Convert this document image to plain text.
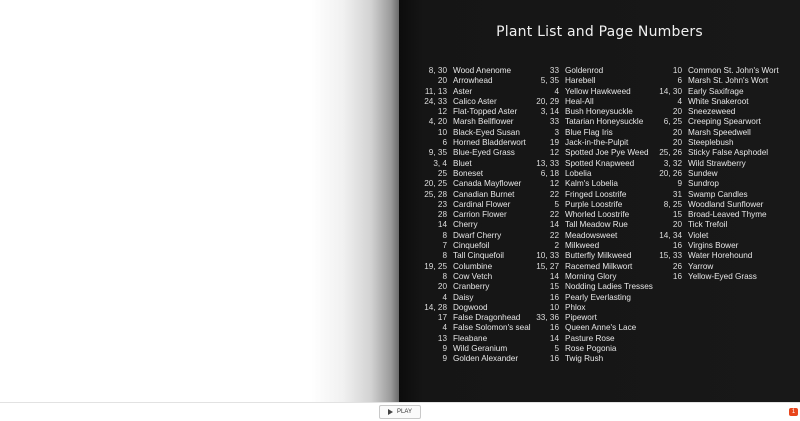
Plant List and Page Numbers
8, 30 Wood Anenome
20 Arrowhead
11, 13 Aster
24, 33 Calico Aster
12 Flat-Topped Aster
4, 20 Marsh Bellflower
10 Black-Eyed Susan
6 Horned Bladderwort
9, 35 Blue-Eyed Grass
3, 4 Bluet
25 Boneset
20, 25 Canada Mayflower
25, 28 Canadian Burnet
23 Cardinal Flower
28 Carrion Flower
14 Cherry
8 Dwarf Cherry
7 Cinquefoil
8 Tall Cinquefoil
19, 25 Columbine
8 Cow Vetch
20 Cranberry
4 Daisy
14, 28 Dogwood
17 False Dragonhead
4 False Solomon's seal
13 Fleabane
9 Wild Geranium
9 Golden Alexander
33 Goldenrod
5, 35 Harebell
4 Yellow Hawkweed
20, 29 Heal-All
3, 14 Bush Honeysuckle
33 Tatarian Honeysuckle
3 Blue Flag Iris
19 Jack-in-the-Pulpit
12 Spotted Joe Pye Weed
13, 33 Spotted Knapweed
6, 18 Lobelia
12 Kalm's Lobelia
22 Fringed Loostrife
5 Purple Loostrife
22 Whorled Loostrife
14 Tall Meadow Rue
22 Meadowsweet
2 Milkweed
10, 33 Butterfly Milkweed
15, 27 Racemed Milkwort
14 Morning Glory
15 Nodding Ladies Tresses
16 Pearly Everlasting
10 Phlox
33, 36 Pipewort
16 Queen Anne's Lace
14 Pasture Rose
5 Rose Pogonia
16 Twig Rush
10 Common St. John's Wort
6 Marsh St. John's Wort
14, 30 Early Saxifrage
4 White Snakeroot
20 Sneezeweed
6, 25 Creeping Spearwort
20 Marsh Speedwell
20 Steeplebush
25, 26 Sticky False Asphodel
3, 32 Wild Strawberry
20, 26 Sundew
9 Sundrop
31 Swamp Candles
8, 25 Woodland Sunflower
15 Broad-Leaved Thyme
20 Tick Trefoil
14, 34 Violet
16 Virgins Bower
15, 33 Water Horehound
26 Yarrow
16 Yellow-Eyed Grass
PLAY	1
